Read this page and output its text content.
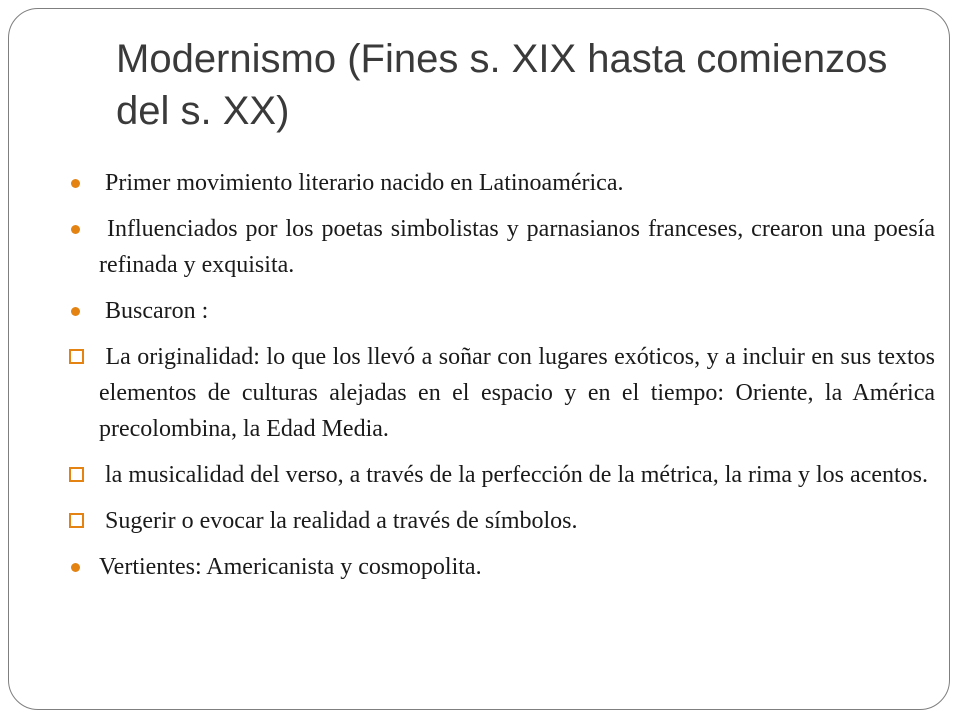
Modernismo (Fines s. XIX hasta comienzos del s. XX)
Primer movimiento literario nacido en Latinoamérica.
Influenciados por los poetas simbolistas y parnasianos franceses, crearon una poesía refinada y exquisita.
Buscaron :
La originalidad: lo que los llevó a soñar con lugares exóticos, y a incluir en sus textos elementos de culturas alejadas en el espacio y en el tiempo: Oriente, la América precolombina, la Edad Media.
la musicalidad del verso, a través de la perfección de la métrica, la rima y los acentos.
Sugerir o evocar la realidad a través de símbolos.
Vertientes: Americanista y cosmopolita.
